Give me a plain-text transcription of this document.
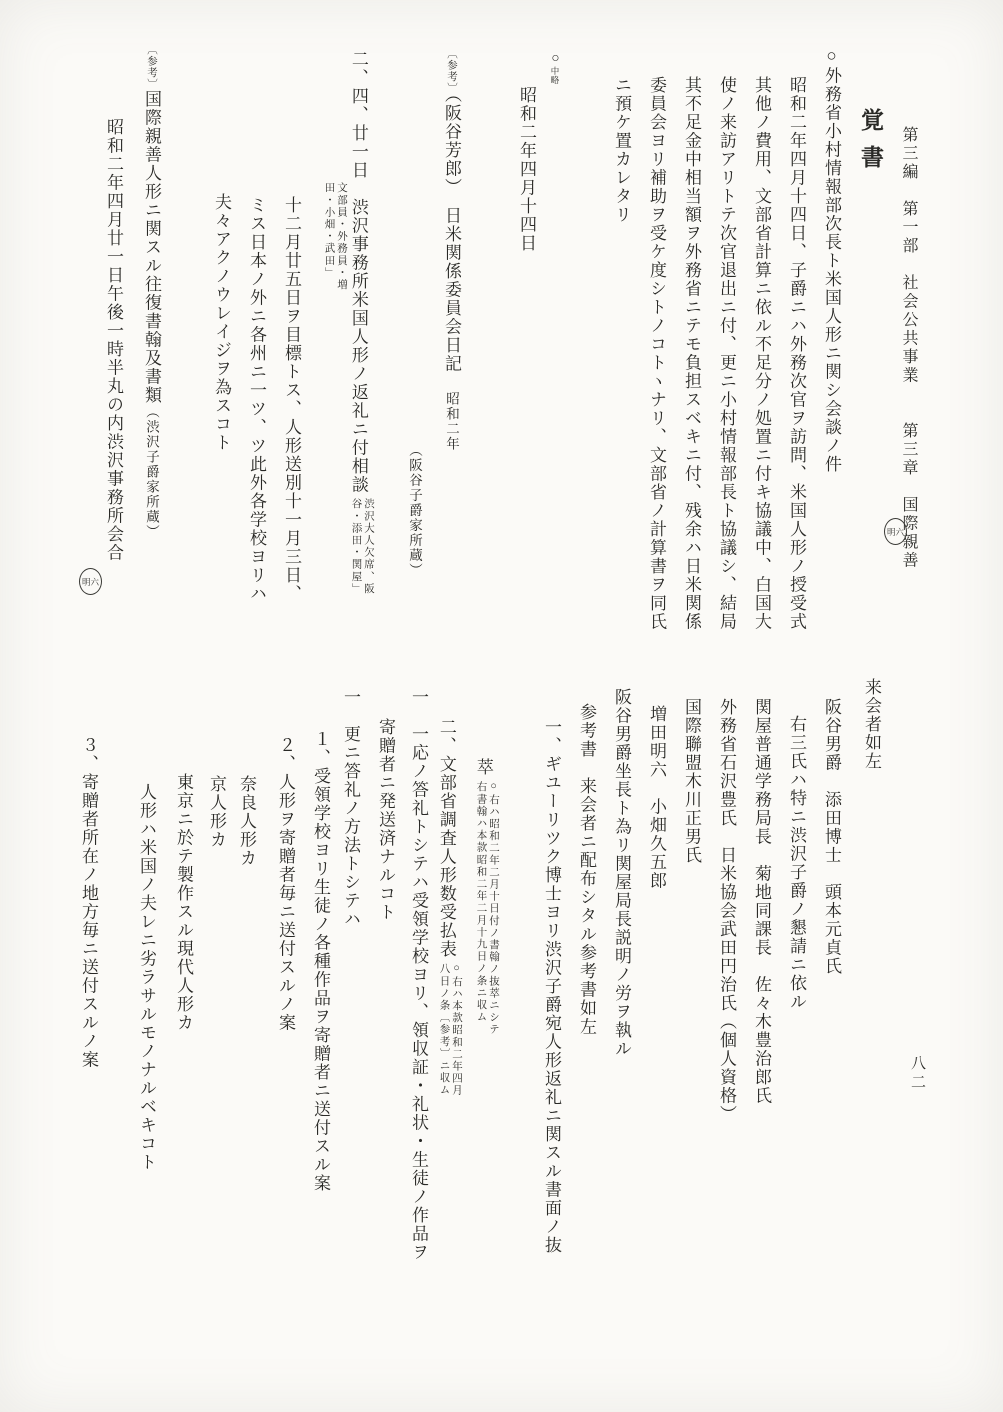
第三編　第一部　社会公共事業　　第三章　国際親善
覚書
○外務省小村情報部次長ト米国人形ニ関シ会談ノ件
昭和二年四月十四日、子爵ニハ外務次官ヲ訪問、米国人形ノ授受式
其他ノ費用、文部省計算ニ依ル不足分ノ処置ニ付キ協議中、白国大
使ノ来訪アリトテ次官退出ニ付、更ニ小村情報部長ト協議シ、結局
其不足金中相当額ヲ外務省ニテモ負担スベキニ付、残余ハ日米関係
委員会ヨリ補助ヲ受ケ度シトノコトヽナリ、文部省ノ計算書ヲ同氏
ニ預ケ置カレタリ
○中略
昭和二年四月十四日
〔参考〕（阪谷芳郎）　日米関係委員会日記　昭和二年
（阪谷子爵家所蔵）
二、四、廿一日　渋沢事務所米国人形ノ返礼ニ付相談
渋沢大人欠席、阪
谷・添田・関屋」
文部員・外務員・増
田・小畑・武田」
十二月廿五日ヲ目標トス、人形送別十一月三日、
ミス日本ノ外ニ各州ニ一ツ、ツ此外各学校ヨリハ
夫々アクノウレイジヲ為スコト
〔参考〕国際親善人形ニ関スル往復書翰及書類（渋沢子爵家所蔵）
昭和二年四月廿一日午後一時半丸の内渋沢事務所会合
来会者如左
阪谷男爵　添田博士　頭本元貞氏
右三氏ハ特ニ渋沢子爵ノ懇請ニ依ル
関屋普通学務局長　菊地同課長　佐々木豊治郎氏
外務省石沢豊氏　日米協会武田円治氏（個人資格）
国際聯盟木川正男氏
増田明六　小畑久五郎
阪谷男爵坐長ト為リ関屋局長説明ノ労ヲ執ル
参考書　来会者ニ配布シタル参考書如左
一、ギユーリツク博士ヨリ渋沢子爵宛人形返礼ニ関スル書面ノ抜
萃
○右ハ昭和二年二月十日付ノ書翰ノ抜萃ニシテ
右書翰ハ本款昭和二年二月十九日ノ条ニ収ム
二、文部省調査人形数受払表
○右ハ本款昭和二年四月
八日ノ条〔参考〕ニ収ム
一　一応ノ答礼トシテハ受領学校ヨリ、領収証・礼状・生徒ノ作品ヲ
寄贈者ニ発送済ナルコト
一　更ニ答礼ノ方法トシテハ
１、受領学校ヨリ生徒ノ各種作品ヲ寄贈者ニ送付スル案
２、人形ヲ寄贈者毎ニ送付スルノ案
奈良人形カ
京人形カ
東京ニ於テ製作スル現代人形カ
人形ハ米国ノ夫レニ劣ラサルモノナルベキコト
３、寄贈者所在ノ地方毎ニ送付スルノ案
明六
明六
八二
